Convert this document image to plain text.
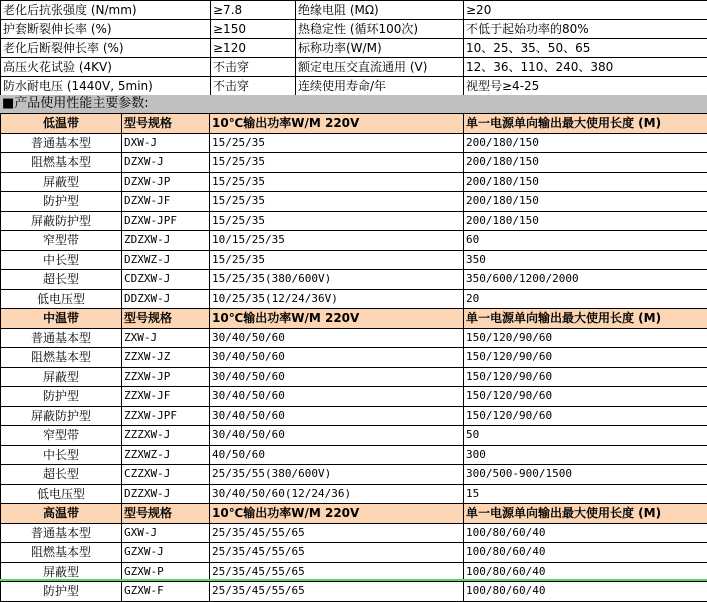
老化后抗张强度 (N/mm)	≥7.8	绝缘电阻 (MΩ)	≥20
护套断裂伸长率 (%)	≥150	热稳定性 (循环100次)	不低于起始功率的80%
老化后断裂伸长率 (%)	≥120	标称功率(W/M)	10、25、35、50、65
高压火花试验 (4KV)	不击穿	额定电压交直流通用 (V)	12、36、110、240、380
防水耐电压 (1440V, 5min)	不击穿	连续使用寿命/年	视型号≥4-25
■产品使用性能主要参数:
低温带	型号规格	10℃输出功率W/M 220V	单一电源单向输出最大使用长度 (M)
普通基本型	DXW-J	15/25/35	200/180/150
阻燃基本型	DZXW-J	15/25/35	200/180/150
屏蔽型	DZXW-JP	15/25/35	200/180/150
防护型	DZXW-JF	15/25/35	200/180/150
屏蔽防护型	DZXW-JPF	15/25/35	200/180/150
窄型带	ZDZXW-J	10/15/25/35	60
中长型	DZXWZ-J	15/25/35	350
超长型	CDZXW-J	15/25/35(380/600V)	350/600/1200/2000
低电压型	DDZXW-J	10/25/35(12/24/36V)	20
中温带	型号规格	10℃输出功率W/M 220V	单一电源单向输出最大使用长度 (M)
普通基本型	ZXW-J	30/40/50/60	150/120/90/60
阻燃基本型	ZZXW-JZ	30/40/50/60	150/120/90/60
屏蔽型	ZZXW-JP	30/40/50/60	150/120/90/60
防护型	ZZXW-JF	30/40/50/60	150/120/90/60
屏蔽防护型	ZZXW-JPF	30/40/50/60	150/120/90/60
窄型带	ZZZXW-J	30/40/50/60	50
中长型	ZZXWZ-J	40/50/60	300
超长型	CZZXW-J	25/35/55(380/600V)	300/500-900/1500
低电压型	DZZXW-J	30/40/50/60(12/24/36)	15
高温带	型号规格	10℃输出功率W/M 220V	单一电源单向输出最大使用长度 (M)
普通基本型	GXW-J	25/35/45/55/65	100/80/60/40
阻燃基本型	GZXW-J	25/35/45/55/65	100/80/60/40
屏蔽型	GZXW-P	25/35/45/55/65	100/80/60/40
防护型	GZXW-F	25/35/45/55/65	100/80/60/40
